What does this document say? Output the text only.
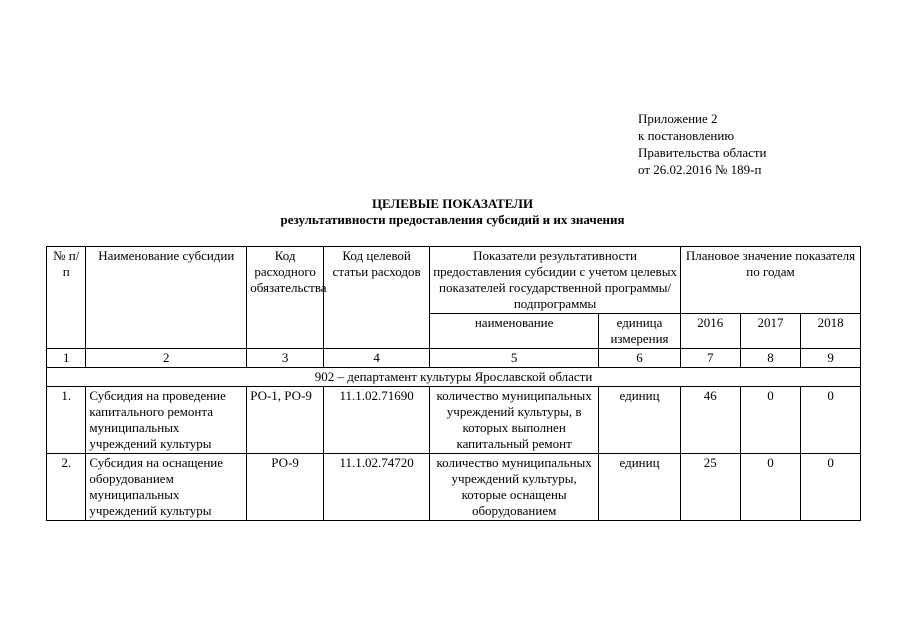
Приложение 2
к постановлению
Правительства области
от 26.02.2016 № 189-п
ЦЕЛЕВЫЕ ПОКАЗАТЕЛИ
результативности предоставления субсидий и их значения
№ п/п	Наименование субсидии	Код расходного обязательства	Код целевой статьи расходов	Показатели результативности предоставления субсидии с учетом целевых показателей государственной программы/подпрограммы		Плановое значение показателя по годам		
				наименование	единица измерения	2016	2017	2018
1	2	3	4	5	6	7	8	9
902 – департамент культуры Ярославской области								
1.	Субсидия на проведение капитального ремонта муниципальных учреждений культуры	РО-1, РО-9	11.1.02.71690	количество муниципальных учреждений культуры, в которых выполнен капитальный ремонт	единиц	46	0	0
2.	Субсидия на оснащение оборудованием муниципальных учреждений культуры	РО-9	11.1.02.74720	количество муниципальных учреждений культуры, которые оснащены оборудованием	единиц	25	0	0
